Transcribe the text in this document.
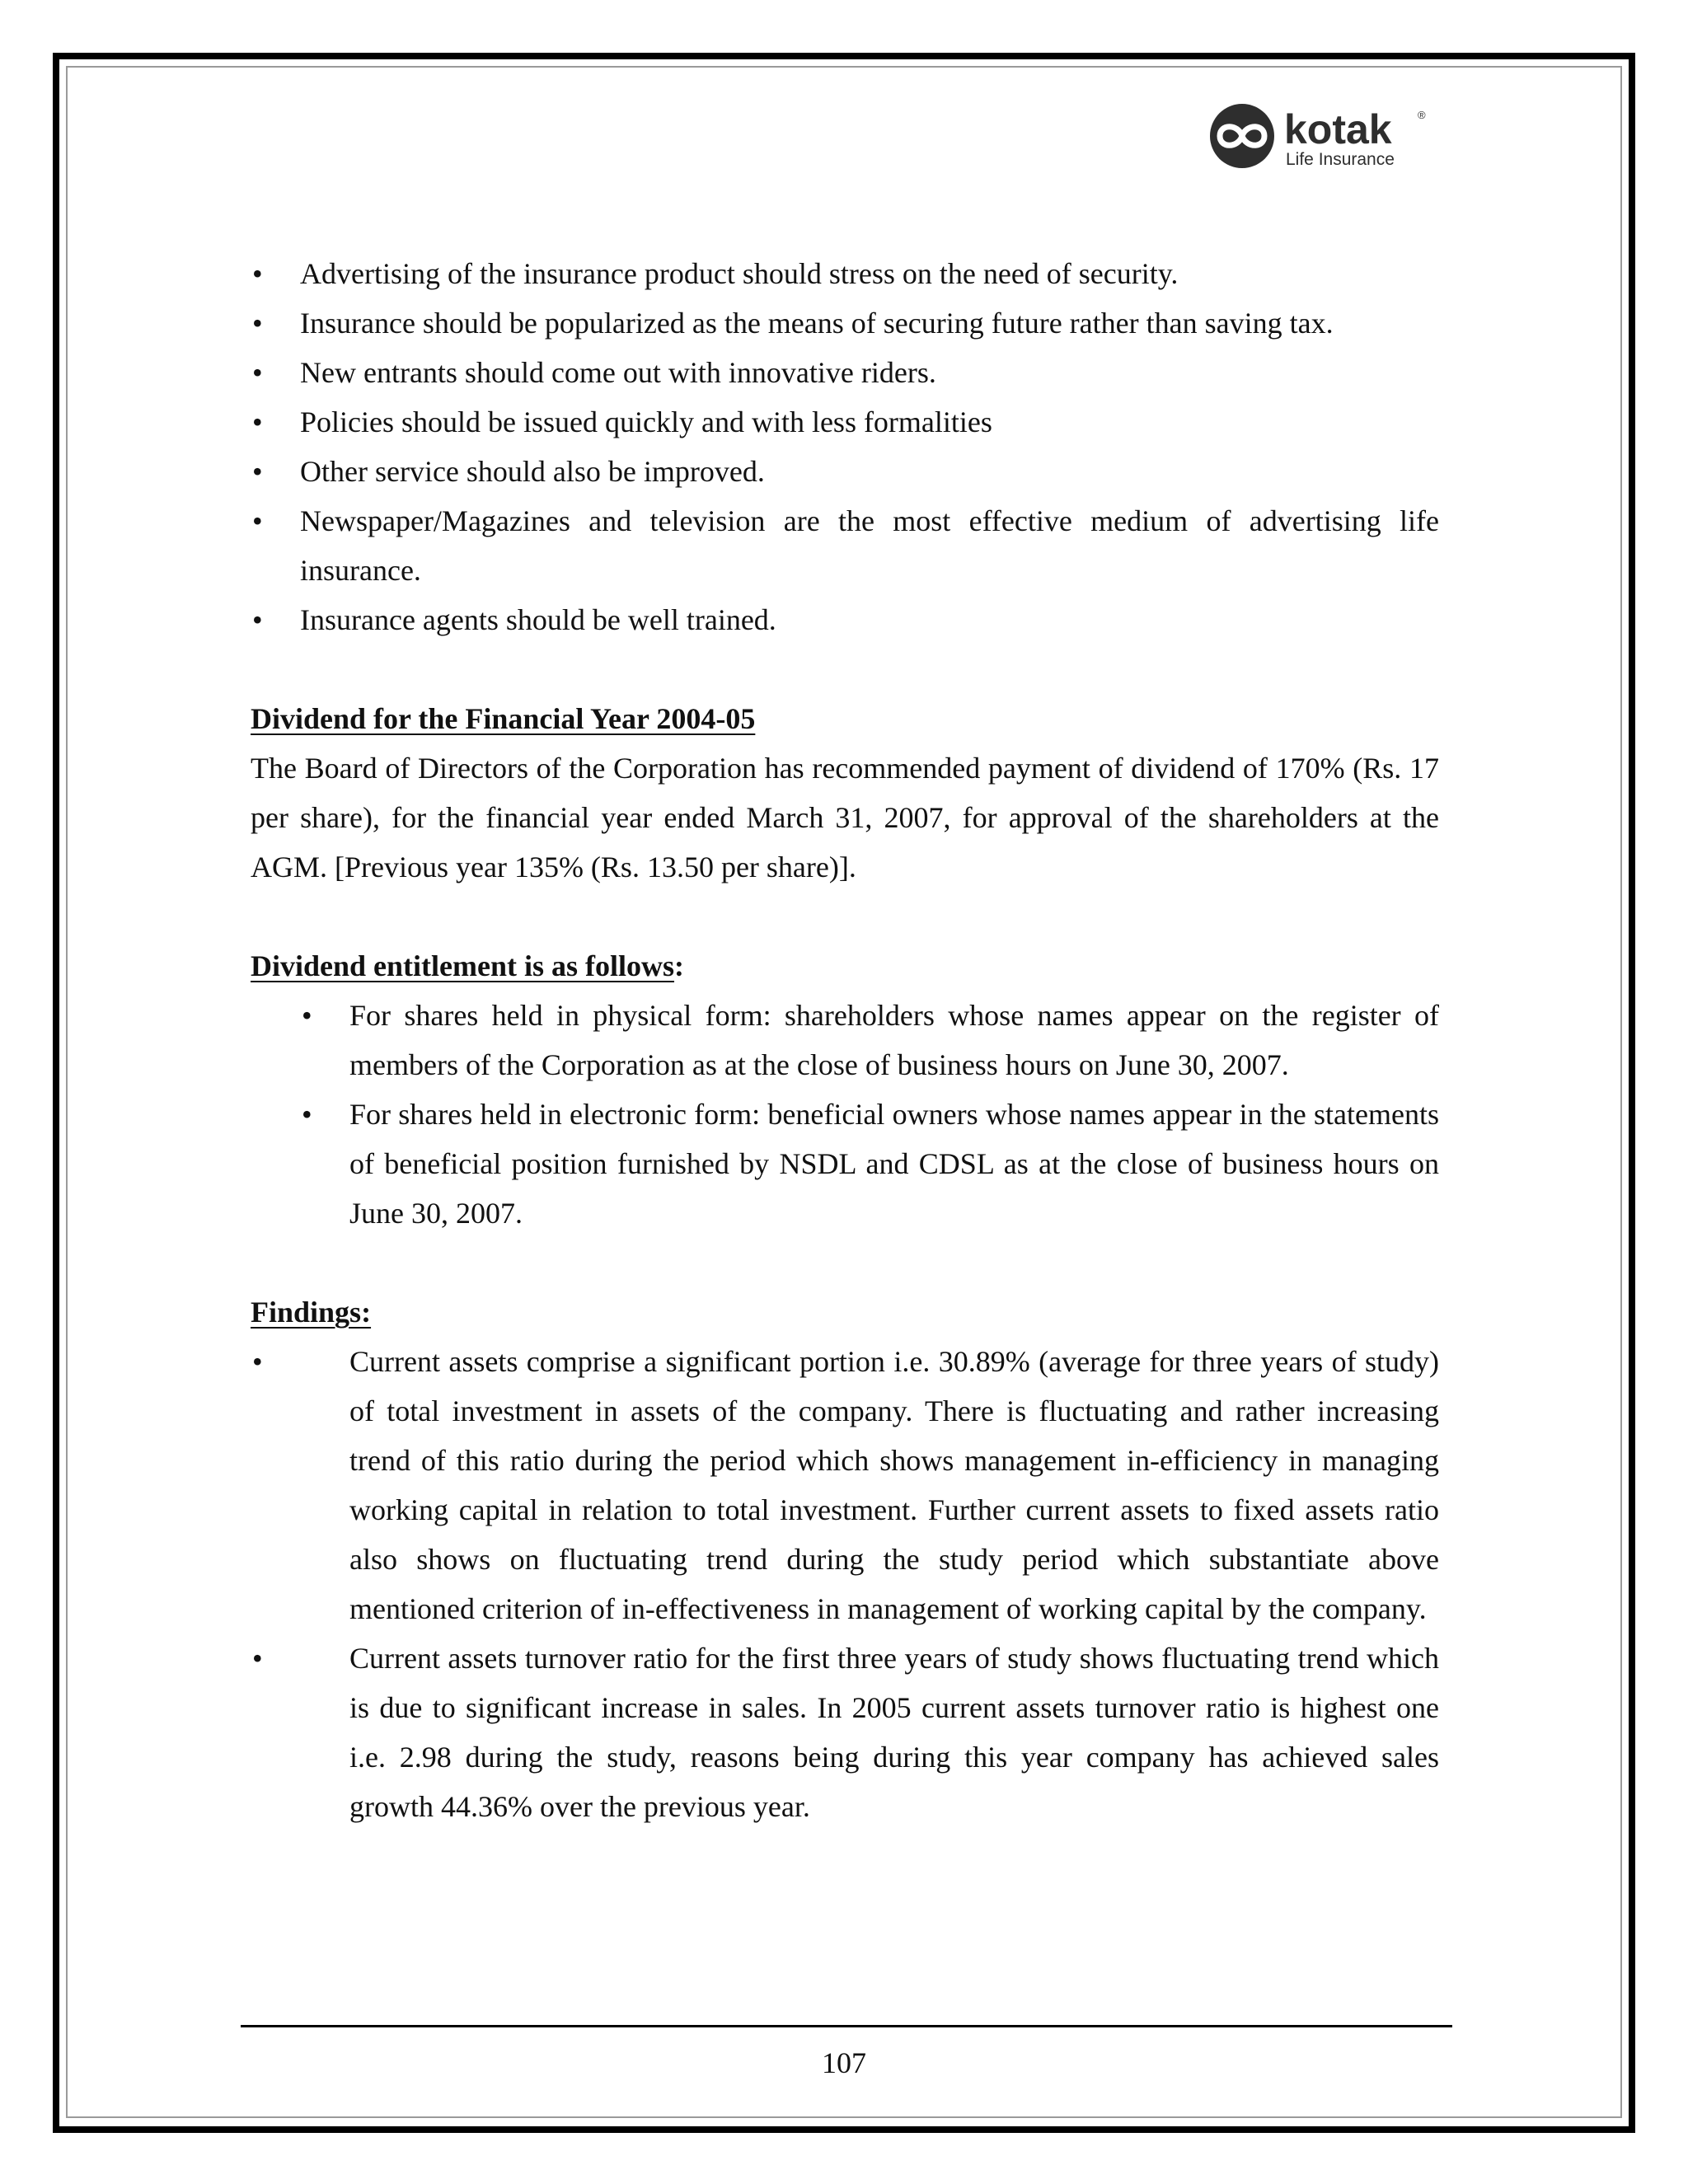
kotak ®
Life Insurance
• Advertising of the insurance product should stress on the need of security.
• Insurance should be popularized as the means of securing future rather than saving tax.
• New entrants should come out with innovative riders.
• Policies should be issued quickly and with less formalities
• Other service should also be improved.
• Newspaper/Magazines and television are the most effective medium of advertising life insurance.
• Insurance agents should be well trained.

Dividend for the Financial Year 2004-05

The Board of Directors of the Corporation has recommended payment of dividend of 170% (Rs. 17 per share), for the financial year ended March 31, 2007, for approval of the shareholders at the AGM. [Previous year 135% (Rs. 13.50 per share)].

Dividend entitlement is as follows:

• For shares held in physical form: shareholders whose names appear on the register of members of the Corporation as at the close of business hours on June 30, 2007.
• For shares held in electronic form: beneficial owners whose names appear in the statements of beneficial position furnished by NSDL and CDSL as at the close of business hours on June 30, 2007.

Findings:

•	Current assets comprise a significant portion i.e. 30.89% (average for three years of study) of total investment in assets of the company. There is fluctuating and rather increasing trend of this ratio during the period which shows management in-efficiency in managing working capital in relation to total investment. Further current assets to fixed assets ratio also shows on fluctuating trend during the study period which substantiate above mentioned criterion of in-effectiveness in management of working capital by the company.
•	Current assets turnover ratio for the first three years of study shows fluctuating trend which is due to significant increase in sales. In 2005 current assets turnover ratio is highest one i.e. 2.98 during the study, reasons being during this year company has achieved sales growth 44.36% over the previous year.
107
